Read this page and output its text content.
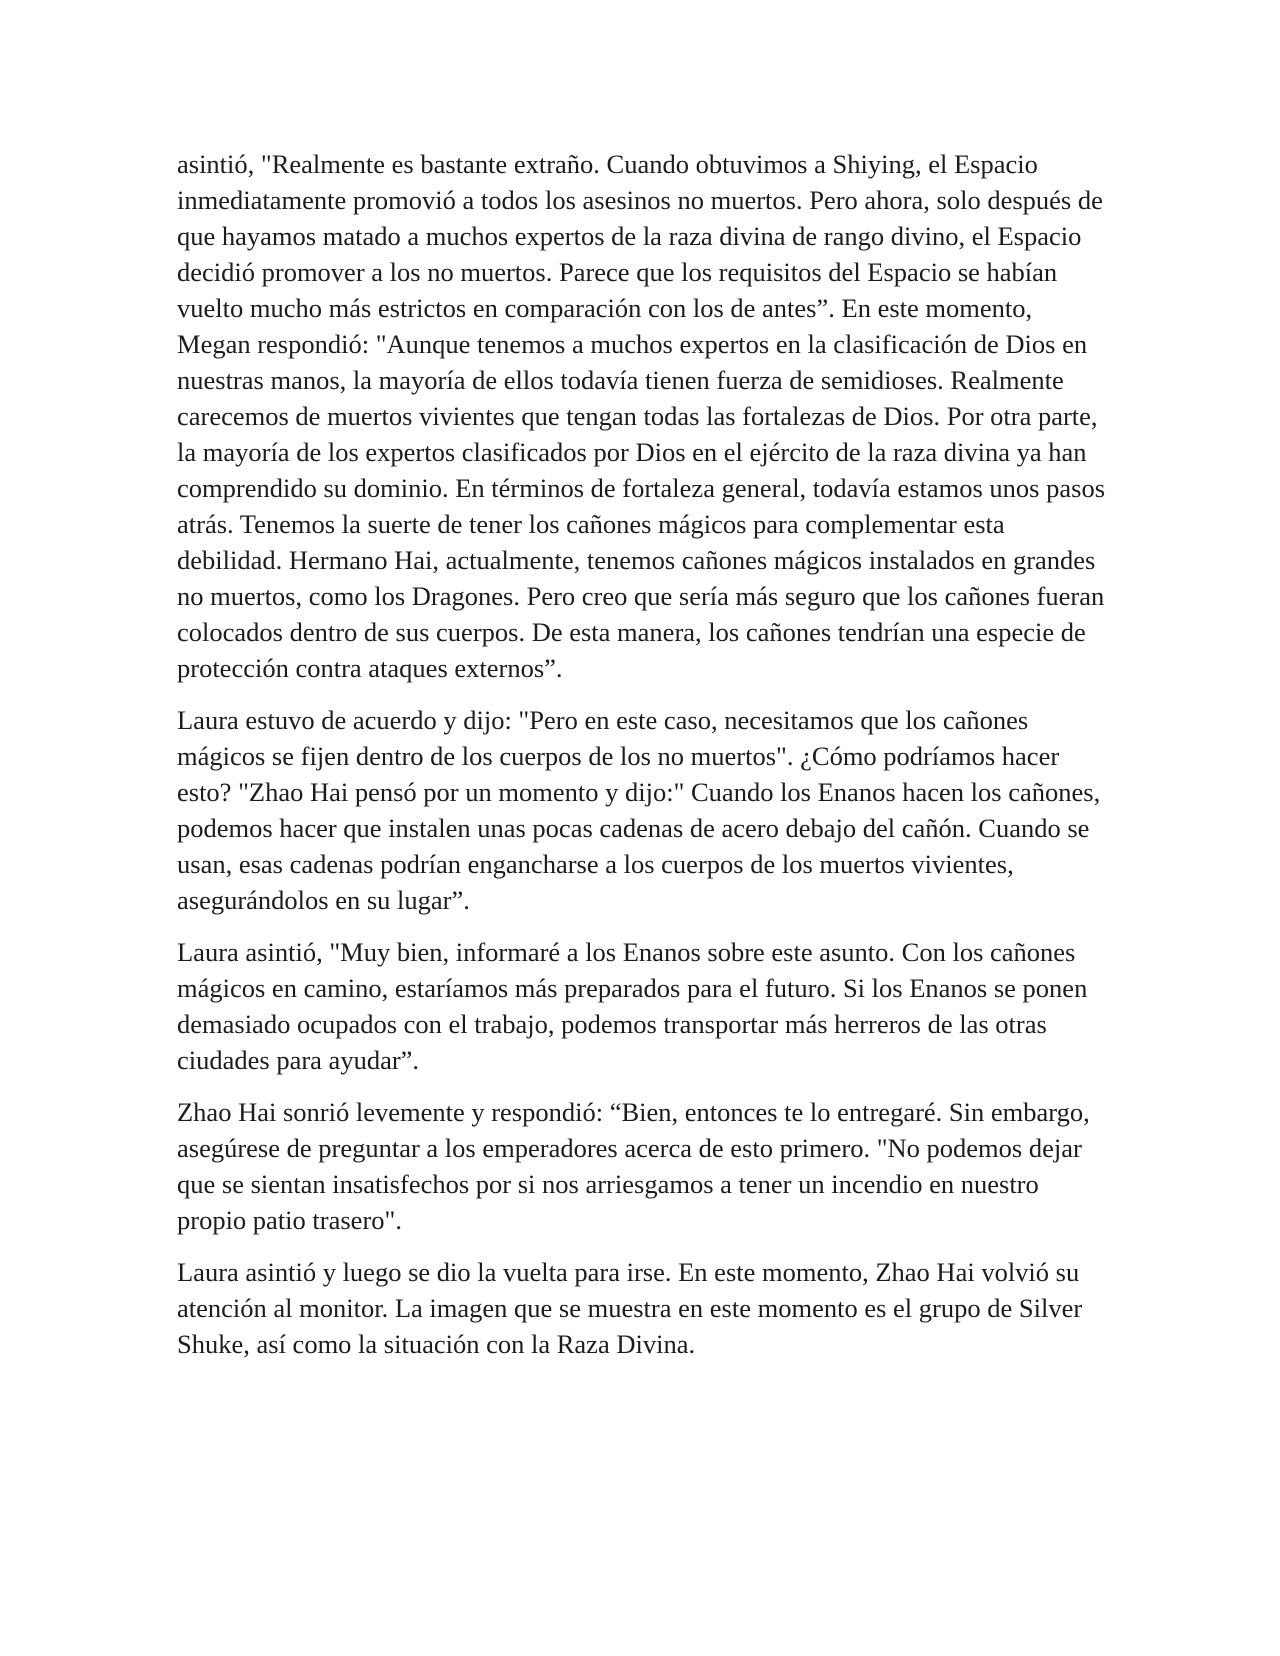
asintió, "Realmente es bastante extraño. Cuando obtuvimos a Shiying, el Espacio inmediatamente promovió a todos los asesinos no muertos. Pero ahora, solo después de que hayamos matado a muchos expertos de la raza divina de rango divino, el Espacio decidió promover a los no muertos. Parece que los requisitos del Espacio se habían vuelto mucho más estrictos en comparación con los de antes”. En este momento, Megan respondió: "Aunque tenemos a muchos expertos en la clasificación de Dios en nuestras manos, la mayoría de ellos todavía tienen fuerza de semidioses. Realmente carecemos de muertos vivientes que tengan todas las fortalezas de Dios. Por otra parte, la mayoría de los expertos clasificados por Dios en el ejército de la raza divina ya han comprendido su dominio. En términos de fortaleza general, todavía estamos unos pasos atrás. Tenemos la suerte de tener los cañones mágicos para complementar esta debilidad. Hermano Hai, actualmente, tenemos cañones mágicos instalados en grandes no muertos, como los Dragones. Pero creo que sería más seguro que los cañones fueran colocados dentro de sus cuerpos. De esta manera, los cañones tendrían una especie de protección contra ataques externos”.

Laura estuvo de acuerdo y dijo: "Pero en este caso, necesitamos que los cañones mágicos se fijen dentro de los cuerpos de los no muertos". ¿Cómo podríamos hacer esto? "Zhao Hai pensó por un momento y dijo:" Cuando los Enanos hacen los cañones, podemos hacer que instalen unas pocas cadenas de acero debajo del cañón. Cuando se usan, esas cadenas podrían engancharse a los cuerpos de los muertos vivientes, asegurándolos en su lugar”.

Laura asintió, "Muy bien, informaré a los Enanos sobre este asunto. Con los cañones mágicos en camino, estaríamos más preparados para el futuro. Si los Enanos se ponen demasiado ocupados con el trabajo, podemos transportar más herreros de las otras ciudades para ayudar”.

Zhao Hai sonrió levemente y respondió: “Bien, entonces te lo entregaré. Sin embargo, asegúrese de preguntar a los emperadores acerca de esto primero. "No podemos dejar que se sientan insatisfechos por si nos arriesgamos a tener un incendio en nuestro propio patio trasero".

Laura asintió y luego se dio la vuelta para irse. En este momento, Zhao Hai volvió su atención al monitor. La imagen que se muestra en este momento es el grupo de Silver Shuke, así como la situación con la Raza Divina.
